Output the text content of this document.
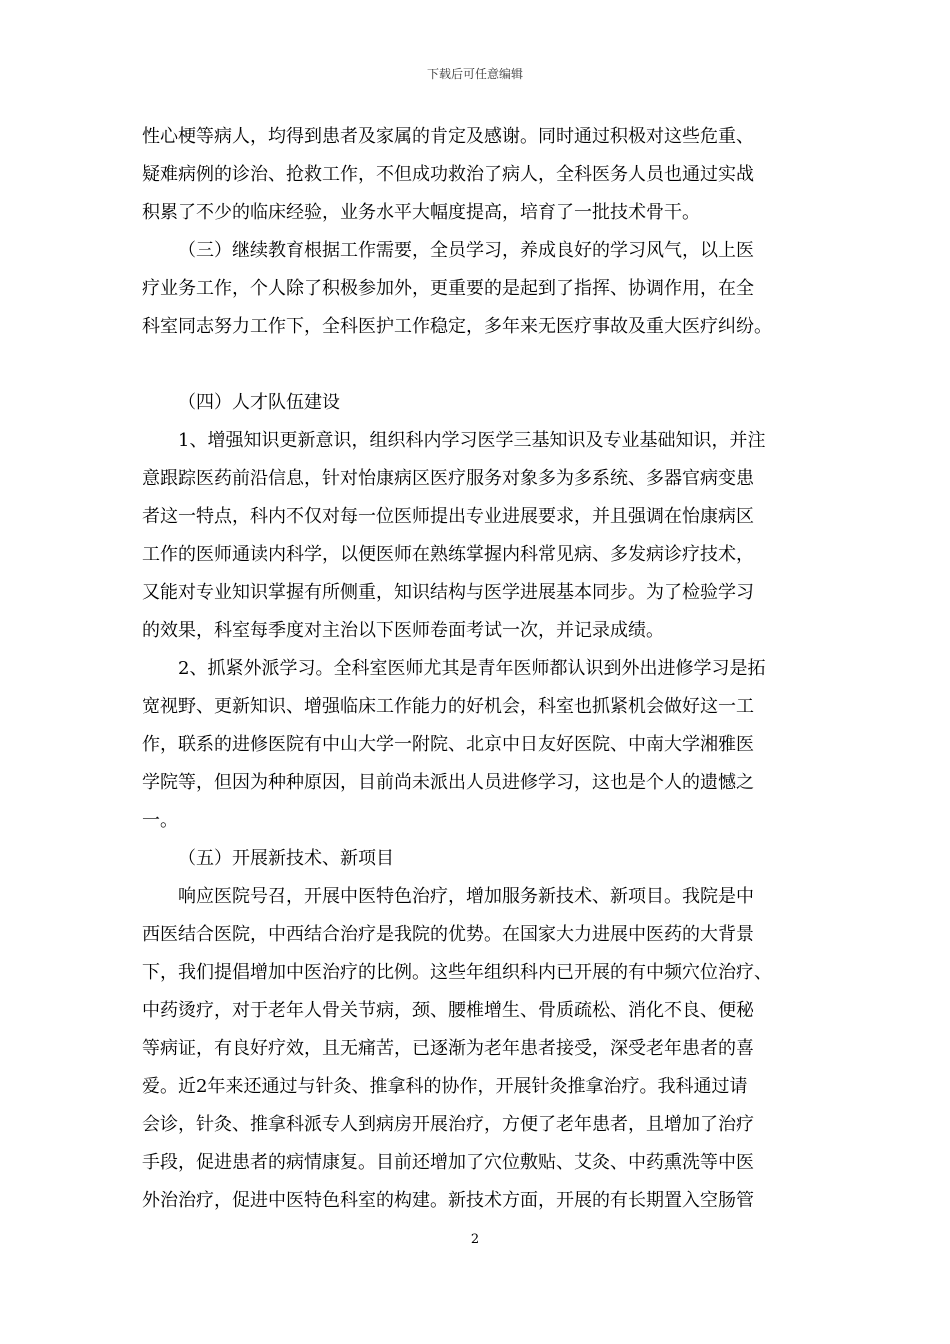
下载后可任意编辑
性心梗等病人，均得到患者及家属的肯定及感谢。同时通过积极对这些危重、
疑难病例的诊治、抢救工作，不但成功救治了病人，全科医务人员也通过实战
积累了不少的临床经验，业务水平大幅度提高，培育了一批技术骨干。
（三）继续教育根据工作需要，全员学习，养成良好的学习风气，以上医
疗业务工作，个人除了积极参加外，更重要的是起到了指挥、协调作用，在全
科室同志努力工作下，全科医护工作稳定，多年来无医疗事故及重大医疗纠纷。
（四）人才队伍建设
1、增强知识更新意识，组织科内学习医学三基知识及专业基础知识，并注
意跟踪医药前沿信息，针对怡康病区医疗服务对象多为多系统、多器官病变患
者这一特点，科内不仅对每一位医师提出专业进展要求，并且强调在怡康病区
工作的医师通读内科学，以便医师在熟练掌握内科常见病、多发病诊疗技术，
又能对专业知识掌握有所侧重，知识结构与医学进展基本同步。为了检验学习
的效果，科室每季度对主治以下医师卷面考试一次，并记录成绩。
2、抓紧外派学习。全科室医师尤其是青年医师都认识到外出进修学习是拓
宽视野、更新知识、增强临床工作能力的好机会，科室也抓紧机会做好这一工
作，联系的进修医院有中山大学一附院、北京中日友好医院、中南大学湘雅医
学院等，但因为种种原因，目前尚未派出人员进修学习，这也是个人的遗憾之
一。
（五）开展新技术、新项目
响应医院号召，开展中医特色治疗，增加服务新技术、新项目。我院是中
西医结合医院，中西结合治疗是我院的优势。在国家大力进展中医药的大背景
下，我们提倡增加中医治疗的比例。这些年组织科内已开展的有中频穴位治疗、
中药烫疗，对于老年人骨关节病，颈、腰椎增生、骨质疏松、消化不良、便秘
等病证，有良好疗效，且无痛苦，已逐渐为老年患者接受，深受老年患者的喜
爱。近2年来还通过与针灸、推拿科的协作，开展针灸推拿治疗。我科通过请
会诊，针灸、推拿科派专人到病房开展治疗，方便了老年患者，且增加了治疗
手段，促进患者的病情康复。目前还增加了穴位敷贴、艾灸、中药熏洗等中医
外治治疗，促进中医特色科室的构建。新技术方面，开展的有长期置入空肠管
2
